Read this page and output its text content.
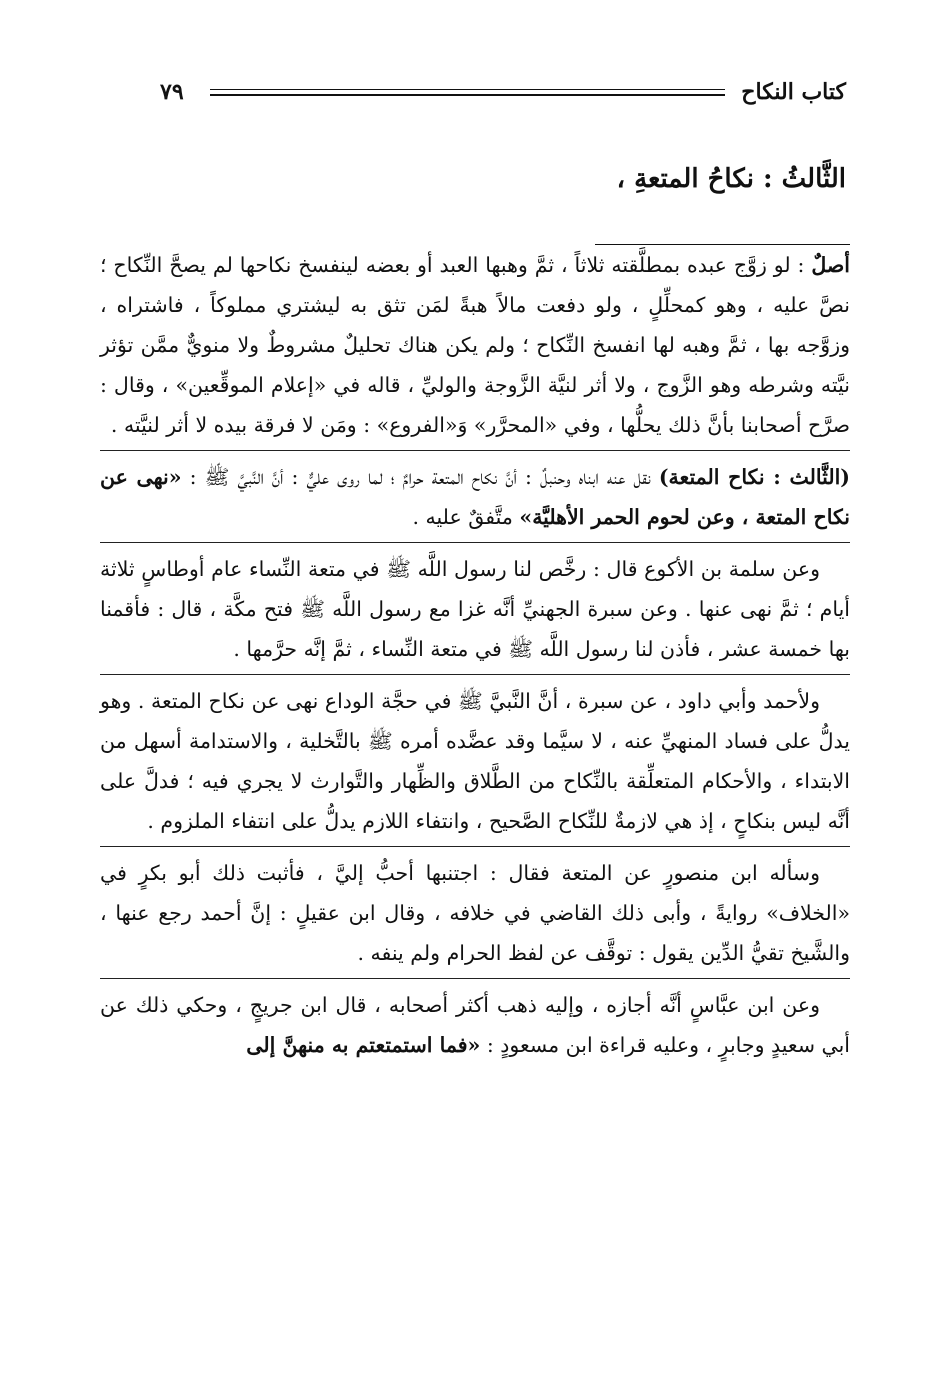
كتاب النكاح
٧٩
الثَّالثُ : نكاحُ المتعةِ ،

أصلٌ : لو زوَّج عبده بمطلَّقته ثلاثاً ، ثمَّ وهبها العبد أو بعضه لينفسخ نكاحها لم يصحَّ النِّكاح ؛ نصَّ عليه ، وهو كمحلِّلٍ ، ولو دفعت مالاً هبةً لمَن تثق به ليشتري مملوكاً ، فاشتراه ، وزوَّجه بها ، ثمَّ وهبه لها انفسخ النِّكاح ؛ ولم يكن هناك تحليلٌ مشروطٌ ولا منويٌّ ممَّن تؤثر نيَّته وشرطه وهو الزَّوج ، ولا أثر لنيَّة الزَّوجة والوليِّ ، قاله في «إعلام الموقِّعين» ، وقال : صرَّح أصحابنا بأنَّ ذلك يحلُّها ، وفي «المحرَّر» وَ«الفروع» : ومَن لا فرقة بيده لا أثر لنيَّته .

(الثَّالث : نكاح المتعة) نقل عنه ابناه وحنبلٌ : أنَّ نكاح المتعة حرامٌ ؛ لما روى عليٌّ : أنَّ النَّبيَّ ﷺ : «نهى عن نكاح المتعة ، وعن لحوم الحمر الأهليَّة» متَّفقٌ عليه .

وعن سلمة بن الأكوع قال : رخَّص لنا رسول اللَّه ﷺ في متعة النِّساء عام أوطاسٍ ثلاثة أيام ؛ ثمَّ نهى عنها . وعن سبرة الجهنيِّ أنَّه غزا مع رسول اللَّه ﷺ فتح مكَّة ، قال : فأقمنا بها خمسة عشر ، فأذن لنا رسول اللَّه ﷺ في متعة النِّساء ، ثمَّ إنَّه حرَّمها .

ولأحمد وأبي داود ، عن سبرة ، أنَّ النَّبيَّ ﷺ في حجَّة الوداع نهى عن نكاح المتعة . وهو يدلُّ على فساد المنهيِّ عنه ، لا سيَّما وقد عضَّده أمره ﷺ بالتَّخلية ، والاستدامة أسهل من الابتداء ، والأحكام المتعلِّقة بالنِّكاح من الطَّلاق والظِّهار والتَّوارث لا يجري فيه ؛ فدلَّ على أنَّه ليس بنكاحٍ ، إذ هي لازمةٌ للنِّكاح الصَّحيح ، وانتفاء اللازم يدلُّ على انتفاء الملزوم .

وسأله ابن منصورٍ عن المتعة فقال : اجتنبها أحبُّ إليَّ ، فأثبت ذلك أبو بكرٍ في «الخلاف» روايةً ، وأبى ذلك القاضي في خلافه ، وقال ابن عقيلٍ : إنَّ أحمد رجع عنها ، والشَّيخ تقيُّ الدِّين يقول : توقَّف عن لفظ الحرام ولم ينفه .

وعن ابن عبَّاسٍ أنَّه أجازه ، وإليه ذهب أكثر أصحابه ، قال ابن جريجٍ ، وحكي ذلك عن أبي سعيدٍ وجابرٍ ، وعليه قراءة ابن مسعودٍ : «فما استمتعتم به منهنَّ إلى
